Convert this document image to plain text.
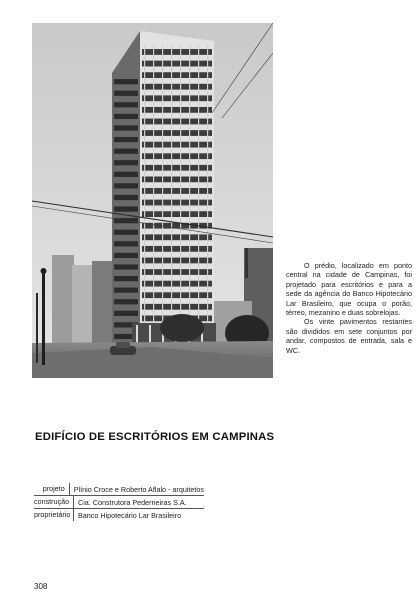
O prédio, localizado em ponto central na cidade de Campinas, foi projetado para escritórios e para a sede da agência do Banco Hipotecário Lar Brasileiro, que ocupa o porão, térreo, mezanino e duas sobrelojas.

Os vinte pavimentos restantes são divididos em sete conjuntos por andar, compostos de entrada, sala e WC.

EDIFÍCIO DE ESCRITÓRIOS EM CAMPINAS
projeto	Plínio Croce e Roberto Aflalo - arquitetos
construção	Cia. Construtora Pederneiras S.A.
proprietário	Banco Hipotecário Lar Brasileiro
308
